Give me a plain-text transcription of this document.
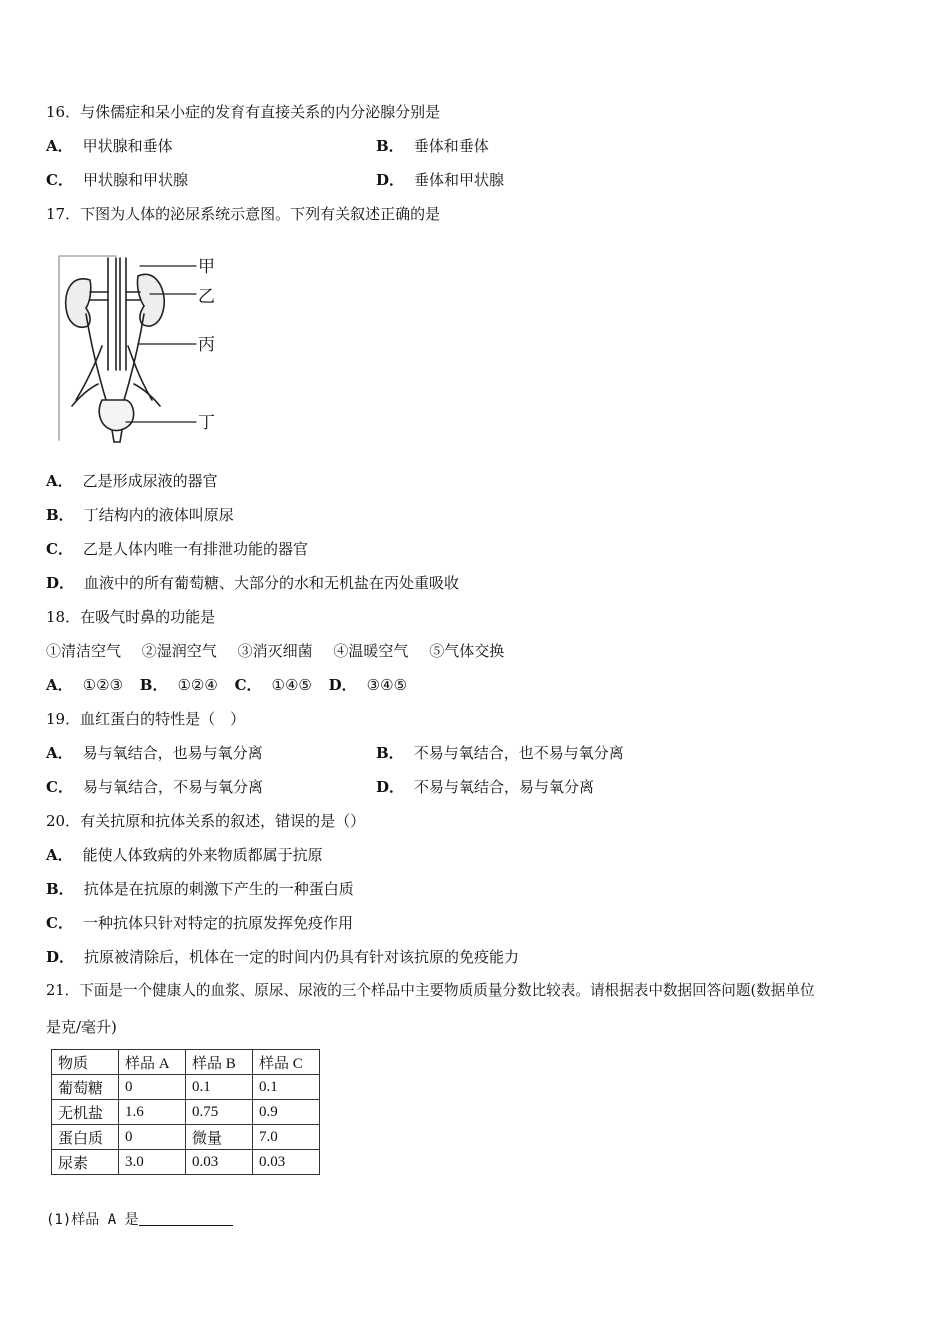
16．与侏儒症和呆小症的发育有直接关系的内分泌腺分别是
A． 甲状腺和垂体	B． 垂体和垂体
C． 甲状腺和甲状腺	D． 垂体和甲状腺
17．下图为人体的泌尿系统示意图。下列有关叙述正确的是
甲
乙
丙
丁
A． 乙是形成尿液的器官
B． 丁结构内的液体叫原尿
C． 乙是人体内唯一有排泄功能的器官
D． 血液中的所有葡萄糖、大部分的水和无机盐在丙处重吸收
18．在吸气时鼻的功能是
①清洁空气 ②湿润空气 ③消灭细菌 ④温暖空气 ⑤气体交换
A． ①②③ B． ①②④ C． ①④⑤ D． ③④⑤
19．血红蛋白的特性是（　）
A． 易与氧结合，也易与氧分离	B． 不易与氧结合，也不易与氧分离
C． 易与氧结合，不易与氧分离	D． 不易与氧结合，易与氧分离
20．有关抗原和抗体关系的叙述，错误的是（）
A． 能使人体致病的外来物质都属于抗原
B． 抗体是在抗原的刺激下产生的一种蛋白质
C． 一种抗体只针对特定的抗原发挥免疫作用
D． 抗原被清除后，机体在一定的时间内仍具有针对该抗原的免疫能力
21．下面是一个健康人的血浆、原尿、尿液的三个样品中主要物质质量分数比较表。请根据表中数据回答问题(数据单位
是克/毫升)
物质	样品 A	样品 B	样品 C
葡萄糖	0	0.1	0.1
无机盐	1.6	0.75	0.9
蛋白质	0	微量	7.0
尿素	3.0	0.03	0.03
(1)样品 A 是
